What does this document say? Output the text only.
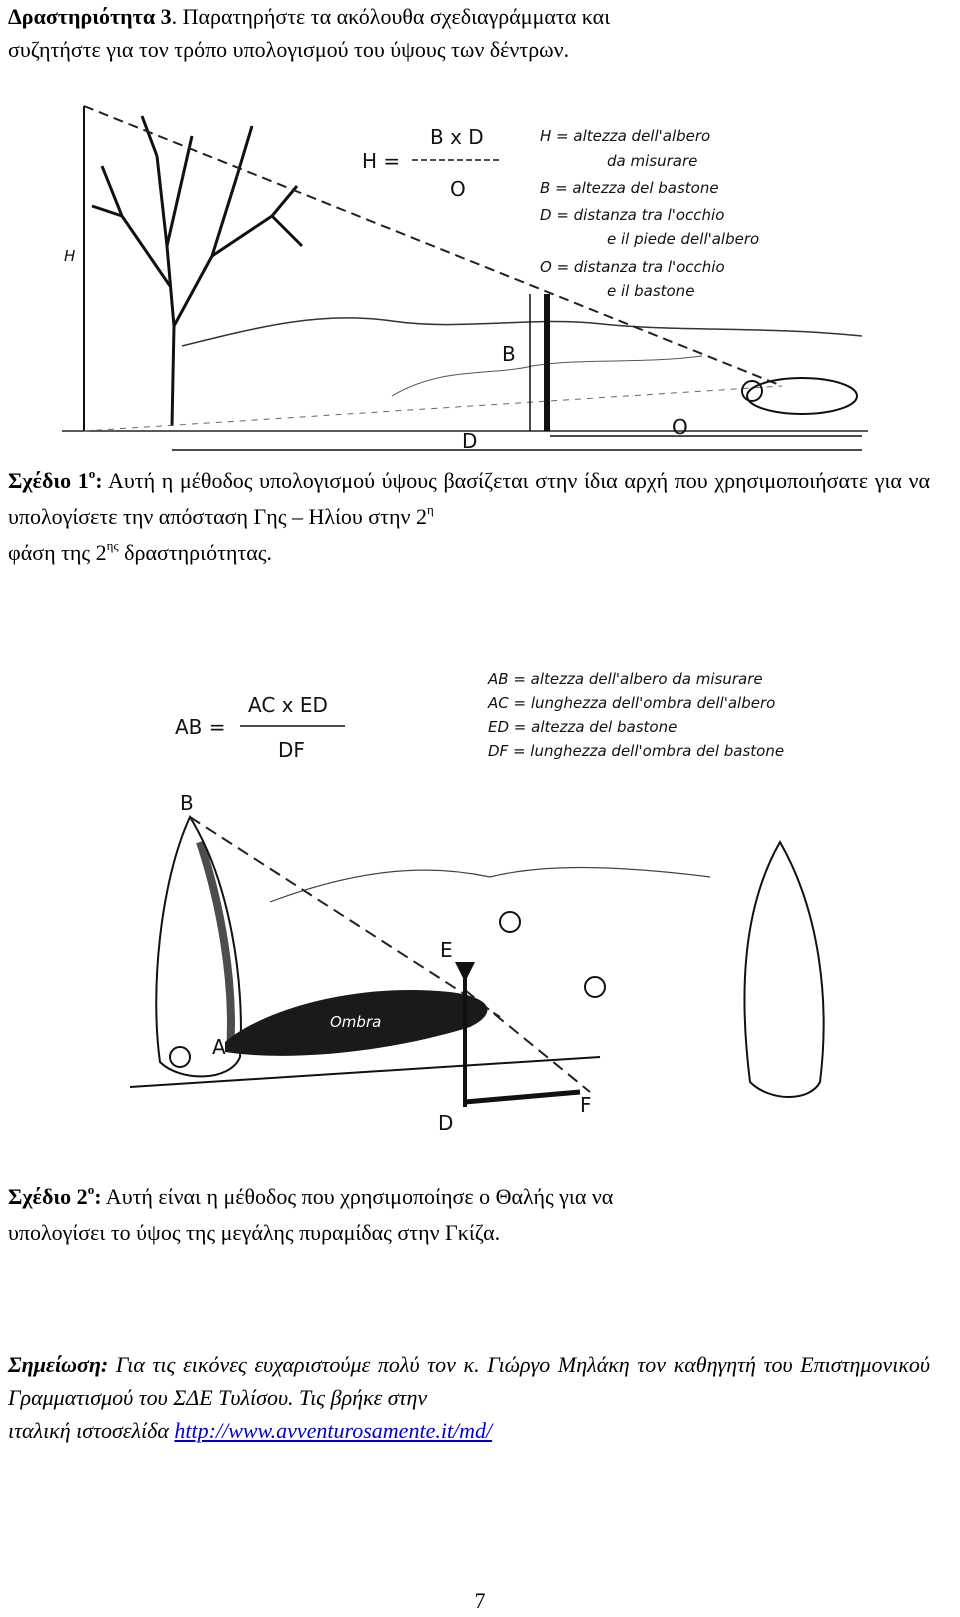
Δραστηριότητα 3. Παρατηρήστε τα ακόλουθα σχεδιαγράμματα και
συζητήστε για τον τρόπο υπολογισμού του ύψους των δέντρων.

H
B
D
O
H =
B x D
O
H = altezza dell'albero
da misurare
B = altezza del bastone
D = distanza tra l'occhio
e il piede dell'albero
O = distanza tra l'occhio
e il bastone

Σχέδιο $1^o$: Αυτή η μέθοδος υπολογισμού ύψους βασίζεται στην ίδια αρχή που χρησιμοποιήσατε για να υπολογίσετε την απόσταση Γης – Ηλίου στην $2^\eta$
φάση της $2^{\eta\varsigma}$ δραστηριότητας.

AB =
AC x ED
DF
AB = altezza dell'albero da misurare
AC = lunghezza dell'ombra dell'albero
ED = altezza del bastone
DF = lunghezza dell'ombra del bastone
B
Ombra
A
E
D
F

Σχέδιο $2^o$: Αυτή είναι η μέθοδος που χρησιμοποίησε ο Θαλής για να
υπολογίσει το ύψος της μεγάλης πυραμίδας στην Γκίζα.

Σημείωση: Για τις εικόνες ευχαριστούμε πολύ τον κ. Γιώργο Μηλάκη τον καθηγητή του Επιστημονικού Γραμματισμού του ΣΔΕ Τυλίσου. Τις βρήκε στην
ιταλική ιστοσελίδα http://www.avventurosamente.it/md/

7
